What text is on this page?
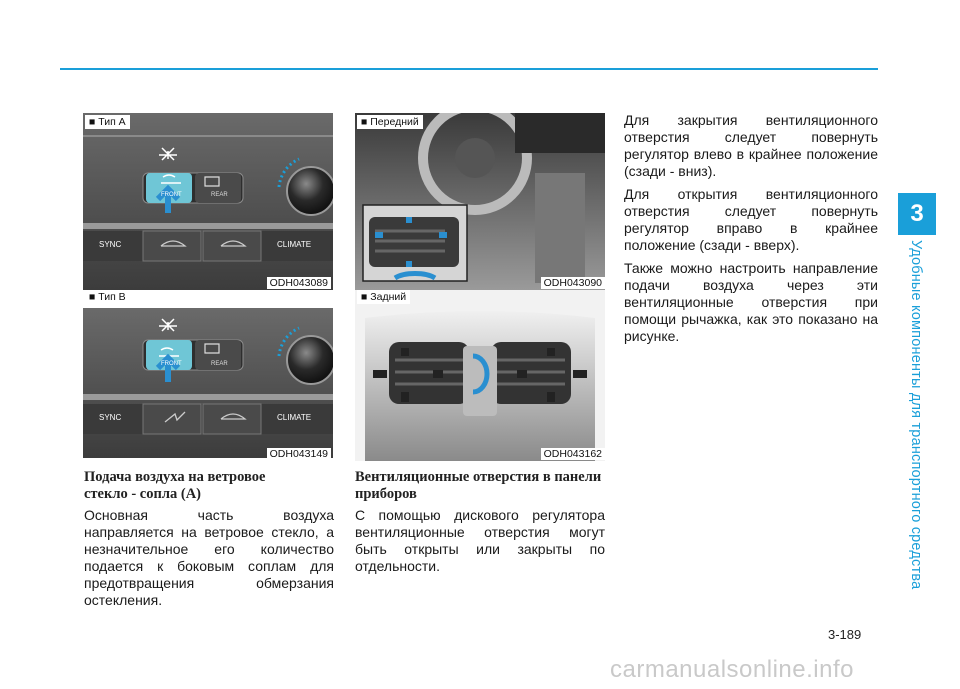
3
Удобные компоненты для транспортного средства
FRONT	REAR
SYNC	CLIMATE
■ Тип A
ODH043089
FRONT	REAR
SYNC	CLIMATE
■ Тип B
ODH043149
■ Передний
ODH043090
■ Задний
ODH043162
Подача воздуха на ветровое стекло - сопла (A)
Основная часть воздуха направляется на ветровое стекло, а незначительное его количество подается к боковым соплам для предотвращения обмерзания остекления.
Вентиляционные отверстия в панели приборов
С помощью дискового регулятора вентиляционные отверстия могут быть открыты или закрыты по отдельности.

Для закрытия вентиляционного отверстия следует повернуть регулятор влево в крайнее положение (сзади - вниз).

Для открытия вентиляционного отверстия следует повернуть регулятор вправо в крайнее положение (сзади - вверх).

Также можно настроить направление подачи воздуха через эти вентиляционные отверстия при помощи рычажка, как это показано на рисунке.

3-189
carmanualsonline.info
